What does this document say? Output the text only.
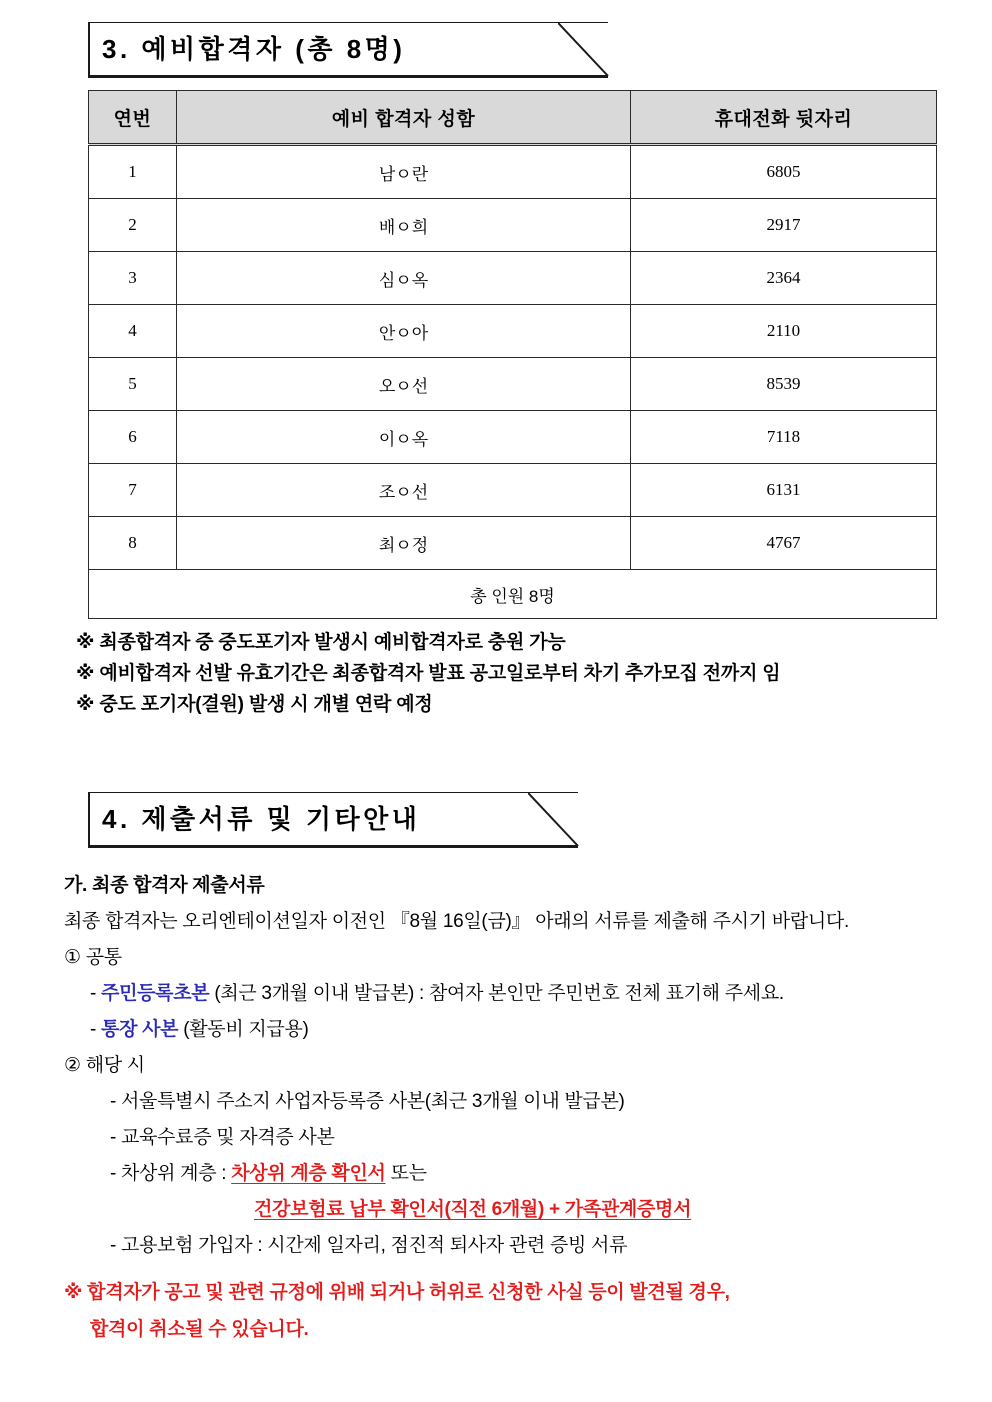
3. 예비합격자 (총 8명)
연번	예비 합격자 성함	휴대전화 뒷자리
1	남ㅇ란	6805
2	배ㅇ희	2917
3	심ㅇ옥	2364
4	안ㅇ아	2110
5	오ㅇ선	8539
6	이ㅇ옥	7118
7	조ㅇ선	6131
8	최ㅇ정	4767
총 인원 8명		
※ 최종합격자 중 중도포기자 발생시 예비합격자로 충원 가능
※ 예비합격자 선발 유효기간은 최종합격자 발표 공고일로부터 차기 추가모집 전까지 임
※ 중도 포기자(결원) 발생 시 개별 연락 예정
4. 제출서류 및 기타안내
가. 최종 합격자 제출서류
최종 합격자는 오리엔테이션일자 이전인 『8월 16일(금)』 아래의 서류를 제출해 주시기 바랍니다.
① 공통
- 주민등록초본 (최근 3개월 이내 발급본) : 참여자 본인만 주민번호 전체 표기해 주세요.
- 통장 사본 (활동비 지급용)
② 해당 시
- 서울특별시 주소지 사업자등록증 사본(최근 3개월 이내 발급본)
- 교육수료증 및 자격증 사본
- 차상위 계층 : 차상위 계층 확인서 또는
건강보험료 납부 확인서(직전 6개월) + 가족관계증명서
- 고용보험 가입자 : 시간제 일자리, 점진적 퇴사자 관련 증빙 서류
※ 합격자가 공고 및 관련 규정에 위배 되거나 허위로 신청한 사실 등이 발견될 경우,
합격이 취소될 수 있습니다.
